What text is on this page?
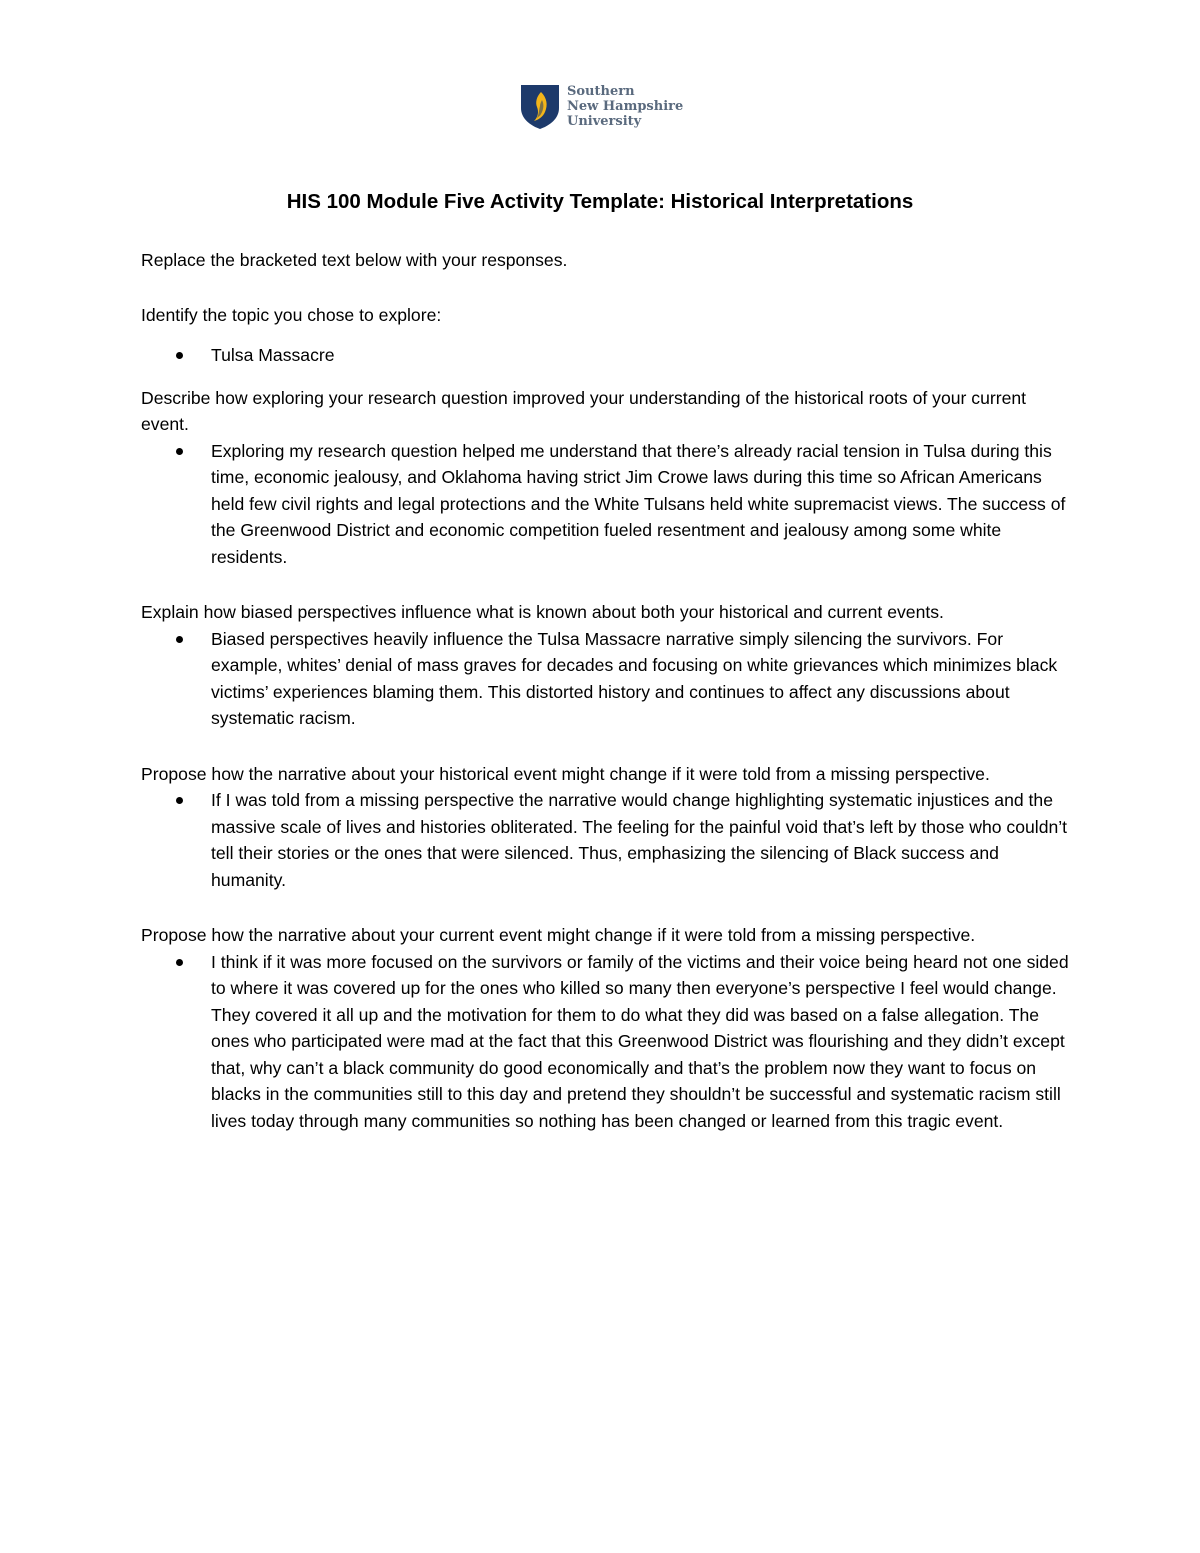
Southern
New Hampshire
University
HIS 100 Module Five Activity Template: Historical Interpretations

Replace the bracketed text below with your responses.

Identify the topic you chose to explore:

Tulsa Massacre

Describe how exploring your research question improved your understanding of the historical roots of your current event.

Exploring my research question helped me understand that there’s already racial tension in Tulsa during this time, economic jealousy, and Oklahoma having strict Jim Crowe laws during this time so African Americans held few civil rights and legal protections and the White Tulsans held white supremacist views. The success of the Greenwood District and economic competition fueled resentment and jealousy among some white residents.

Explain how biased perspectives influence what is known about both your historical and current events.

Biased perspectives heavily influence the Tulsa Massacre narrative simply silencing the survivors. For example, whites’ denial of mass graves for decades and focusing on white grievances which minimizes black victims’ experiences blaming them. This distorted history and continues to affect any discussions about systematic racism.

Propose how the narrative about your historical event might change if it were told from a missing perspective.

If I was told from a missing perspective the narrative would change highlighting systematic injustices and the massive scale of lives and histories obliterated. The feeling for the painful void that’s left by those who couldn’t tell their stories or the ones that were silenced. Thus, emphasizing the silencing of Black success and humanity.

Propose how the narrative about your current event might change if it were told from a missing perspective.

I think if it was more focused on the survivors or family of the victims and their voice being heard not one sided to where it was covered up for the ones who killed so many then everyone’s perspective I feel would change. They covered it all up and the motivation for them to do what they did was based on a false allegation. The ones who participated were mad at the fact that this Greenwood District was flourishing and they didn’t except that, why can’t a black community do good economically and that’s the problem now they want to focus on blacks in the communities still to this day and pretend they shouldn’t be successful and systematic racism still lives today through many communities so nothing has been changed or learned from this tragic event.
